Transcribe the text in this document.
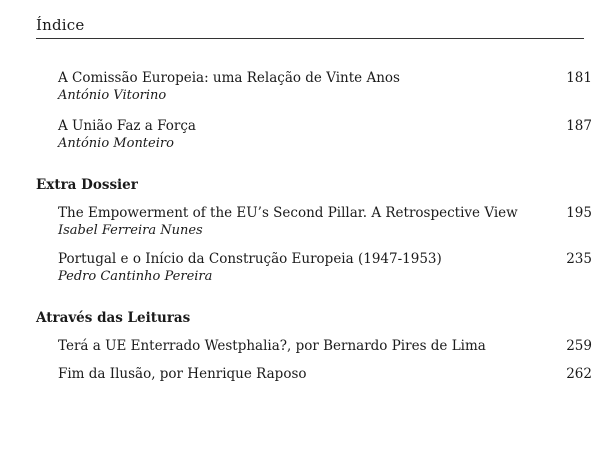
Índice
A Comissão Europeia: uma Relação de Vinte Anos	181
António Vitorino
A União Faz a Força	187
António Monteiro
Extra Dossier
The Empowerment of the EU’s Second Pillar. A Retrospective View	195
Isabel Ferreira Nunes
Portugal e o Início da Construção Europeia (1947-1953)	235
Pedro Cantinho Pereira
Através das Leituras
Terá a UE Enterrado Westphalia?, por Bernardo Pires de Lima	259
Fim da Ilusão, por Henrique Raposo	262
